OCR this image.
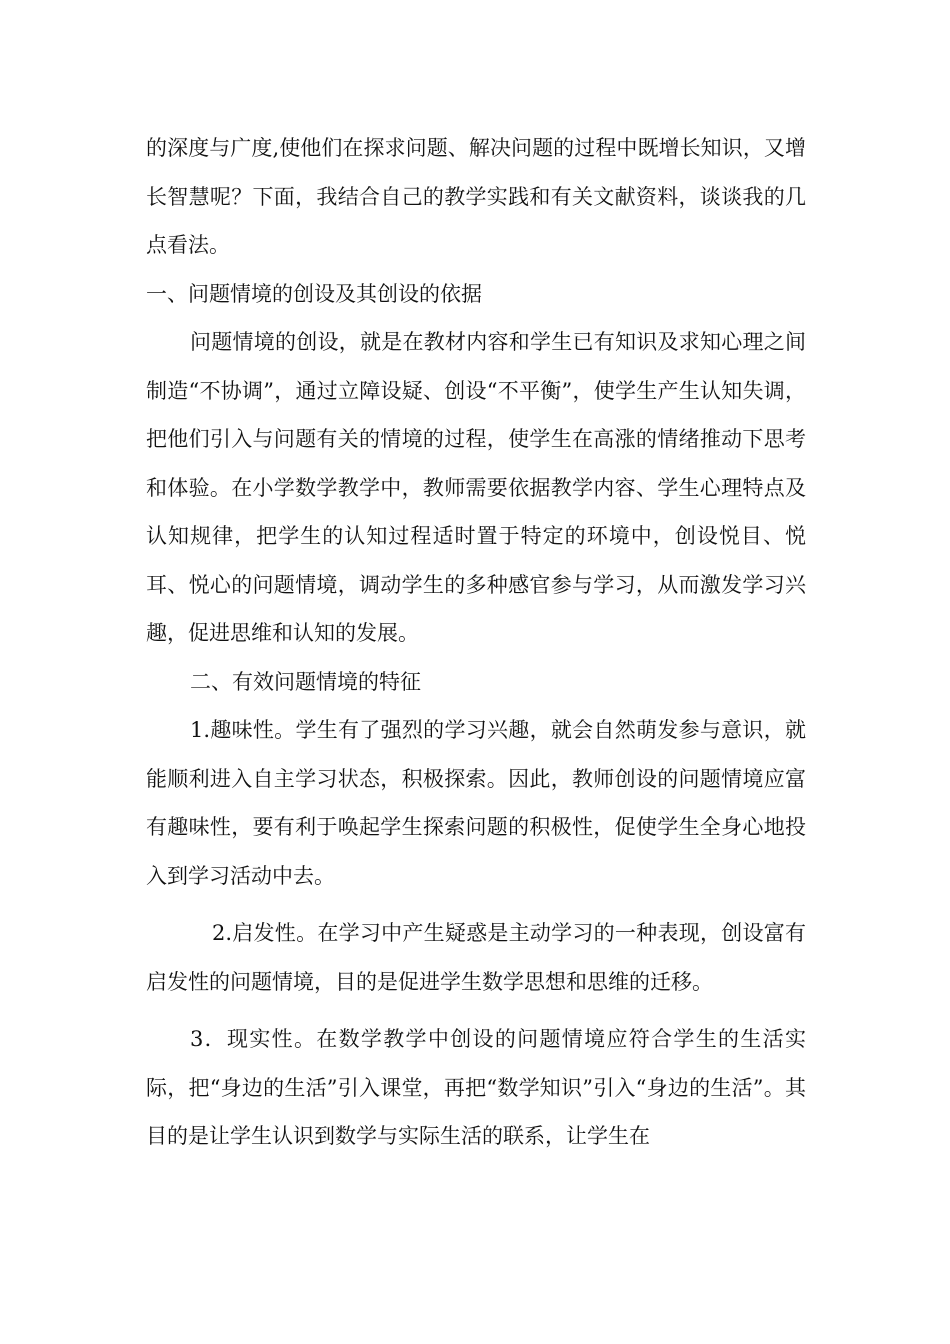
的深度与广度,使他们在探求问题、解决问题的过程中既增长知识，又增长智慧呢？下面，我结合自己的教学实践和有关文献资料，谈谈我的几点看法。

一、问题情境的创设及其创设的依据

问题情境的创设，就是在教材内容和学生已有知识及求知心理之间制造“不协调”，通过立障设疑、创设“不平衡”，使学生产生认知失调，把他们引入与问题有关的情境的过程，使学生在高涨的情绪推动下思考和体验。在小学数学教学中，教师需要依据教学内容、学生心理特点及认知规律，把学生的认知过程适时置于特定的环境中，创设悦目、悦耳、悦心的问题情境，调动学生的多种感官参与学习，从而激发学习兴趣，促进思维和认知的发展。

二、有效问题情境的特征

1.趣味性。学生有了强烈的学习兴趣，就会自然萌发参与意识，就能顺利进入自主学习状态，积极探索。因此，教师创设的问题情境应富有趣味性，要有利于唤起学生探索问题的积极性，促使学生全身心地投入到学习活动中去。

2.启发性。在学习中产生疑惑是主动学习的一种表现，创设富有启发性的问题情境，目的是促进学生数学思想和思维的迁移。

3．现实性。在数学教学中创设的问题情境应符合学生的生活实际，把“身边的生活”引入课堂，再把“数学知识”引入“身边的生活”。其目的是让学生认识到数学与实际生活的联系，让学生在
